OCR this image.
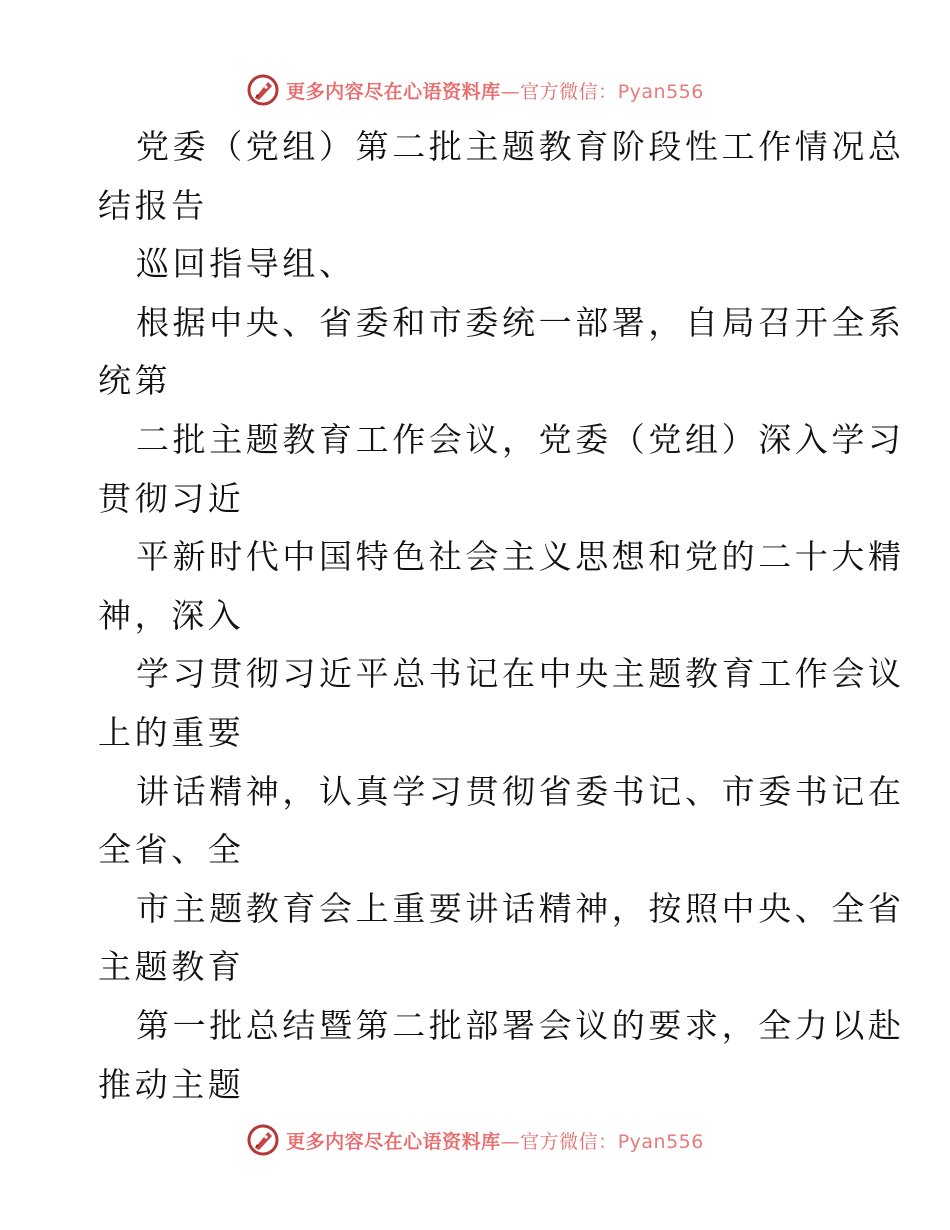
更多内容尽在心语资料库—官方微信：Pyan556
党委（党组）第二批主题教育阶段性工作情况总
结报告
巡回指导组、
根据中央、省委和市委统一部署，自局召开全系
统第
二批主题教育工作会议，党委（党组）深入学习
贯彻习近
平新时代中国特色社会主义思想和党的二十大精
神，深入
学习贯彻习近平总书记在中央主题教育工作会议
上的重要
讲话精神，认真学习贯彻省委书记、市委书记在
全省、全
市主题教育会上重要讲话精神，按照中央、全省
主题教育
第一批总结暨第二批部署会议的要求，全力以赴
推动主题
更多内容尽在心语资料库—官方微信：Pyan556
